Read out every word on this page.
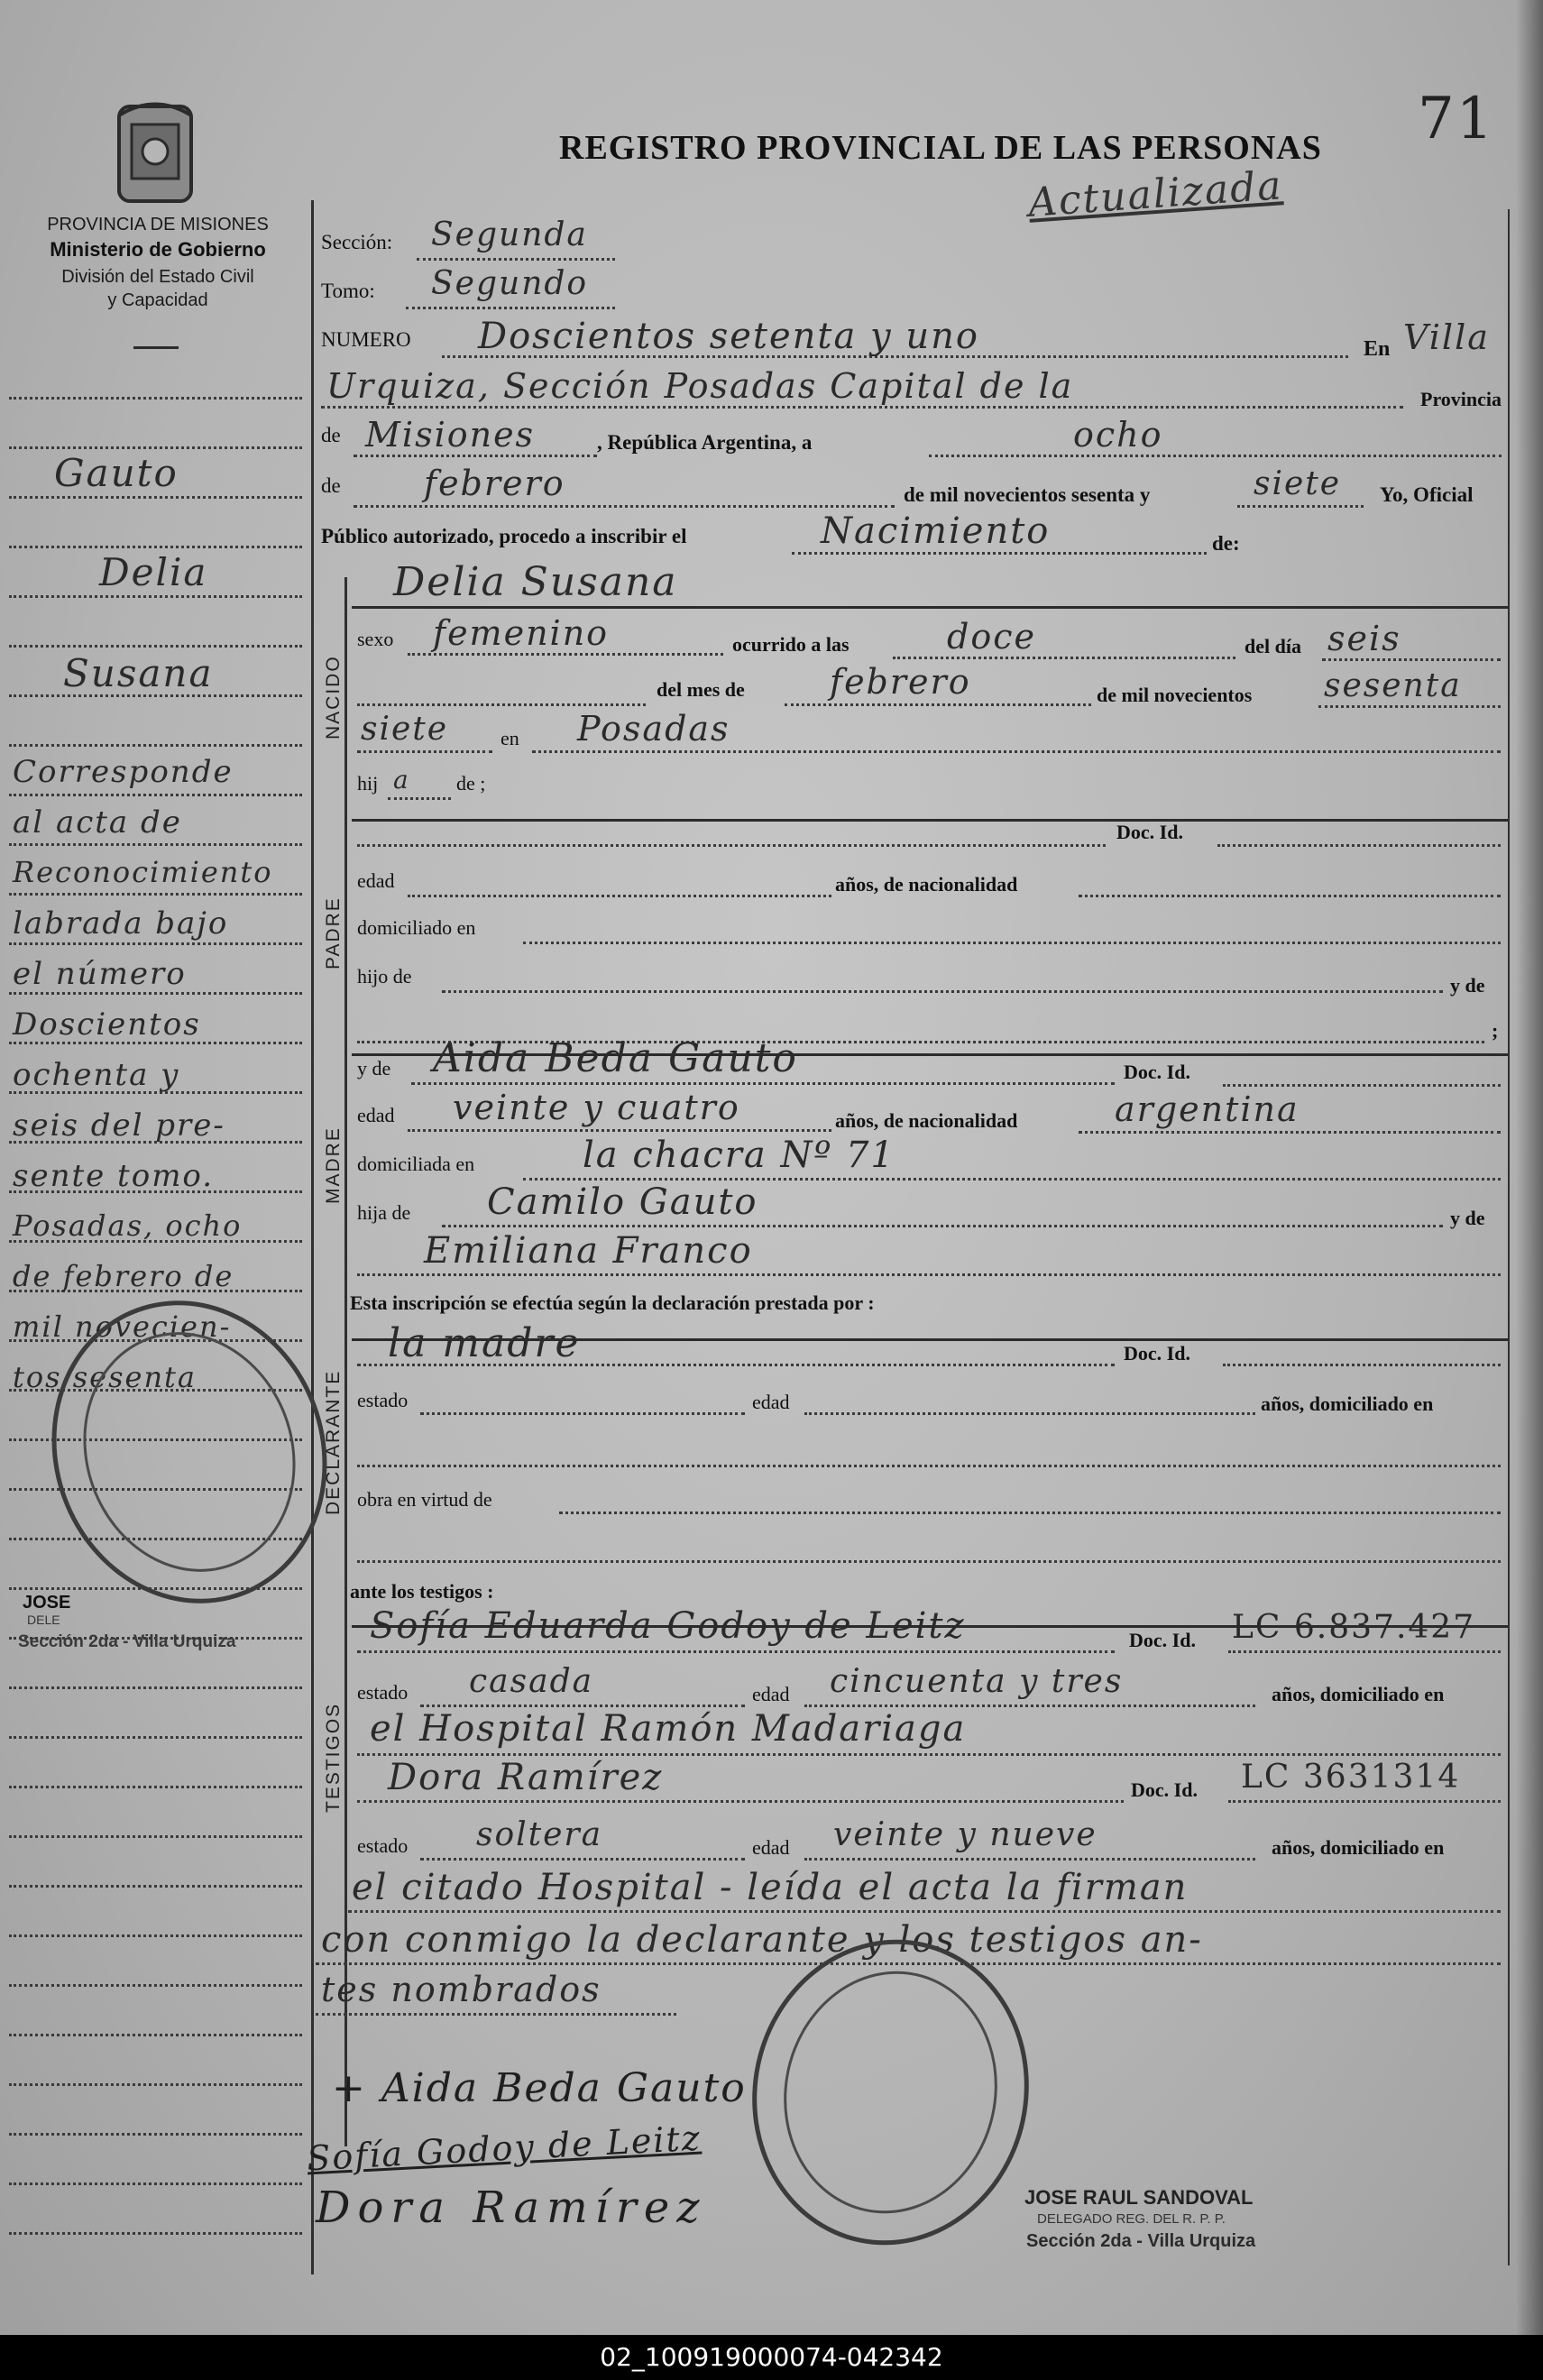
PROVINCIA DE MISIONES
Ministerio de Gobierno
División del Estado Civil
y Capacidad
REGISTRO PROVINCIAL DE LAS PERSONAS 71
Actualizada
Gauto
Delia
Susana
Corresponde
al acta de
Reconocimiento
labrada bajo
el número
Doscientos
ochenta y
seis del pre-
sente tomo.
Posadas, ocho
de febrero de
mil novecien-
tos sesenta
Sección: Segunda
Tomo: Segundo
NUMERO Doscientos setenta y uno	En Villa
Urquiza, Sección Posadas Capital de la	Provincia
de Misiones	, República Argentina, a	ocho
de febrero	de mil novecientos sesenta y	siete Yo, Oficial
Público autorizado, procedo a inscribir el	Nacimiento	de:
Delia Susana
NACIDO
sexo femenino	ocurrido a las	doce	del día seis
del mes de febrero	de mil novecientos sesenta
siete	en Posadas
hij a de ;
PADRE
Doc. Id.
edad	años, de nacionalidad
domiciliado en
hijo de	y de
;
MADRE
y de Aida Beda Gauto	Doc. Id.
edad veinte y cuatro	años, de nacionalidad	argentina
domiciliada en	la chacra Nº 71
hija de Camilo Gauto	y de
Emiliana Franco
Esta inscripción se efectúa según la declaración prestada por :
DECLARANTE
la madre	Doc. Id.
estado	edad	años, domiciliado en
obra en virtud de
ante los testigos :
TESTIGOS
Sofía Eduarda Godoy de Leitz	Doc. Id. LC 6.837.427
estado casada	edad cincuenta y tres	años, domiciliado en
el Hospital Ramón Madariaga
Dora Ramírez	Doc. Id. LC 3631314
estado soltera	edad veinte y nueve	años, domiciliado en
el citado Hospital - leída el acta la firman
con conmigo la declarante y los testigos an-
tes nombrados
+ Aida Beda Gauto
Sofía Godoy de Leitz
Dora Ramírez
JOSE
DELE
Sección 2da - Villa Urquiza
JOSE RAUL SANDOVAL
DELEGADO REG. DEL R. P. P.
Sección 2da - Villa Urquiza
02_100919000074-042342
